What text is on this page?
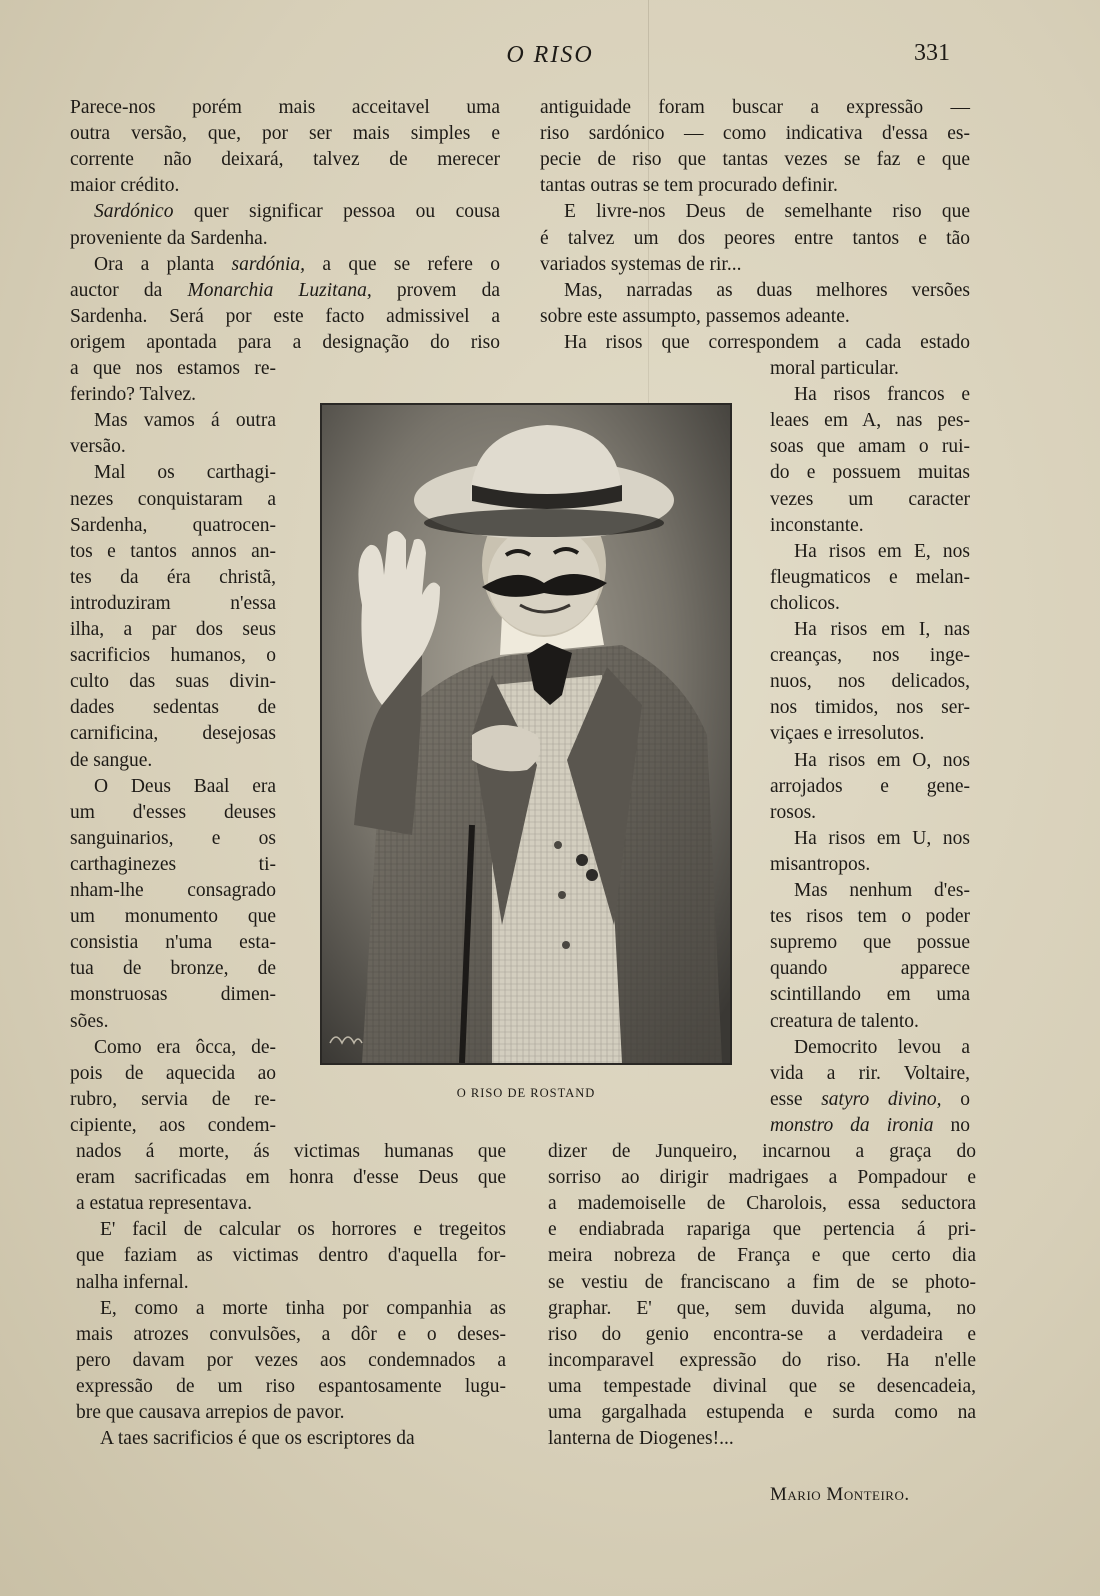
O RISO	331
Parece-nos porém mais acceitavel uma
outra versão, que, por ser mais simples e
corrente não deixará, talvez de merecer
maior crédito.
Sardónico quer significar pessoa ou cousa
proveniente da Sardenha.
Ora a planta sardónia, a que se refere o
auctor da Monarchia Luzitana, provem da
Sardenha. Será por este facto admissivel a
origem apontada para a designação do riso
a que nos estamos re-
ferindo? Talvez.
Mas vamos á outra
versão.
Mal os carthagi-
nezes conquistaram a
Sardenha, quatrocen-
tos e tantos annos an-
tes da éra christã,
introduziram n'essa
ilha, a par dos seus
sacrificios humanos, o
culto das suas divin-
dades sedentas de
carnificina, desejosas
de sangue.
O Deus Baal era
um d'esses deuses
sanguinarios, e os
carthaginezes ti-
nham-lhe consagrado
um monumento que
consistia n'uma esta-
tua de bronze, de
monstruosas dimen-
sões.
Como era ôcca, de-
pois de aquecida ao
rubro, servia de re-
cipiente, aos condem-
nados á morte, ás victimas humanas que
eram sacrificadas em honra d'esse Deus que
a estatua representava.
E' facil de calcular os horrores e tregeitos
que faziam as victimas dentro d'aquella for-
nalha infernal.
E, como a morte tinha por companhia as
mais atrozes convulsões, a dôr e o deses-
pero davam por vezes aos condemnados a
expressão de um riso espantosamente lugu-
bre que causava arrepios de pavor.
A taes sacrificios é que os escriptores da
antiguidade foram buscar a expressão —
riso sardónico — como indicativa d'essa es-
pecie de riso que tantas vezes se faz e que
tantas outras se tem procurado definir.
E livre-nos Deus de semelhante riso que
é talvez um dos peores entre tantos e tão
variados systemas de rir...
Mas, narradas as duas melhores versões
sobre este assumpto, passemos adeante.
Ha risos que correspondem a cada estado
moral particular.
Ha risos francos e
leaes em A, nas pes-
soas que amam o rui-
do e possuem muitas
vezes um caracter
inconstante.
Ha risos em E, nos
fleugmaticos e melan-
cholicos.
Ha risos em I, nas
creanças, nos inge-
nuos, nos delicados,
nos timidos, nos ser-
viçaes e irresolutos.
Ha risos em O, nos
arrojados e gene-
rosos.
Ha risos em U, nos
misantropos.
Mas nenhum d'es-
tes risos tem o poder
supremo que possue
quando apparece
scintillando em uma
creatura de talento.
Democrito levou a
vida a rir. Voltaire,
esse satyro divino, o
monstro da ironia no
dizer de Junqueiro, incarnou a graça do
sorriso ao dirigir madrigaes a Pompadour e
a mademoiselle de Charolois, essa seductora
e endiabrada rapariga que pertencia á pri-
meira nobreza de França e que certo dia
se vestiu de franciscano a fim de se photo-
graphar. E' que, sem duvida alguma, no
riso do genio encontra-se a verdadeira e
incomparavel expressão do riso. Ha n'elle
uma tempestade divinal que se desencadeia,
uma gargalhada estupenda e surda como na
lanterna de Diogenes!...
O RISO DE ROSTAND
Mario Monteiro.
